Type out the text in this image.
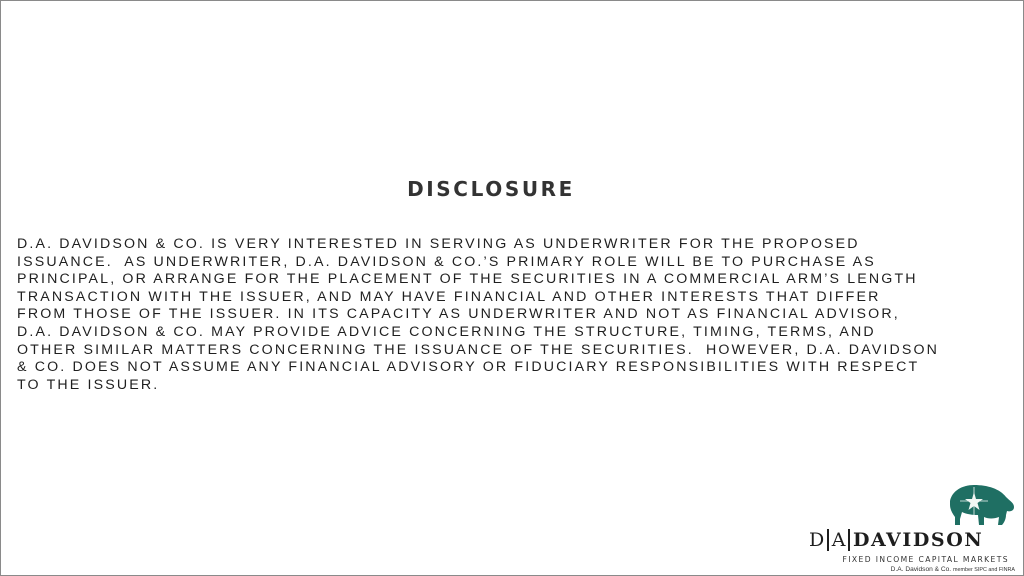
DISCLOSURE

D.A. DAVIDSON & CO. IS VERY INTERESTED IN SERVING AS UNDERWRITER FOR THE PROPOSED
ISSUANCE.  AS UNDERWRITER, D.A. DAVIDSON & CO.’S PRIMARY ROLE WILL BE TO PURCHASE AS
PRINCIPAL, OR ARRANGE FOR THE PLACEMENT OF THE SECURITIES IN A COMMERCIAL ARM’S LENGTH
TRANSACTION WITH THE ISSUER, AND MAY HAVE FINANCIAL AND OTHER INTERESTS THAT DIFFER
FROM THOSE OF THE ISSUER. IN ITS CAPACITY AS UNDERWRITER AND NOT AS FINANCIAL ADVISOR,
D.A. DAVIDSON & CO. MAY PROVIDE ADVICE CONCERNING THE STRUCTURE, TIMING, TERMS, AND
OTHER SIMILAR MATTERS CONCERNING THE ISSUANCE OF THE SECURITIES.  HOWEVER, D.A. DAVIDSON
& CO. DOES NOT ASSUME ANY FINANCIAL ADVISORY OR FIDUCIARY RESPONSIBILITIES WITH RESPECT
TO THE ISSUER.

D A DAVIDSON
FIXED INCOME CAPITAL MARKETS
D.A. Davidson & Co. member SIPC and FINRA
